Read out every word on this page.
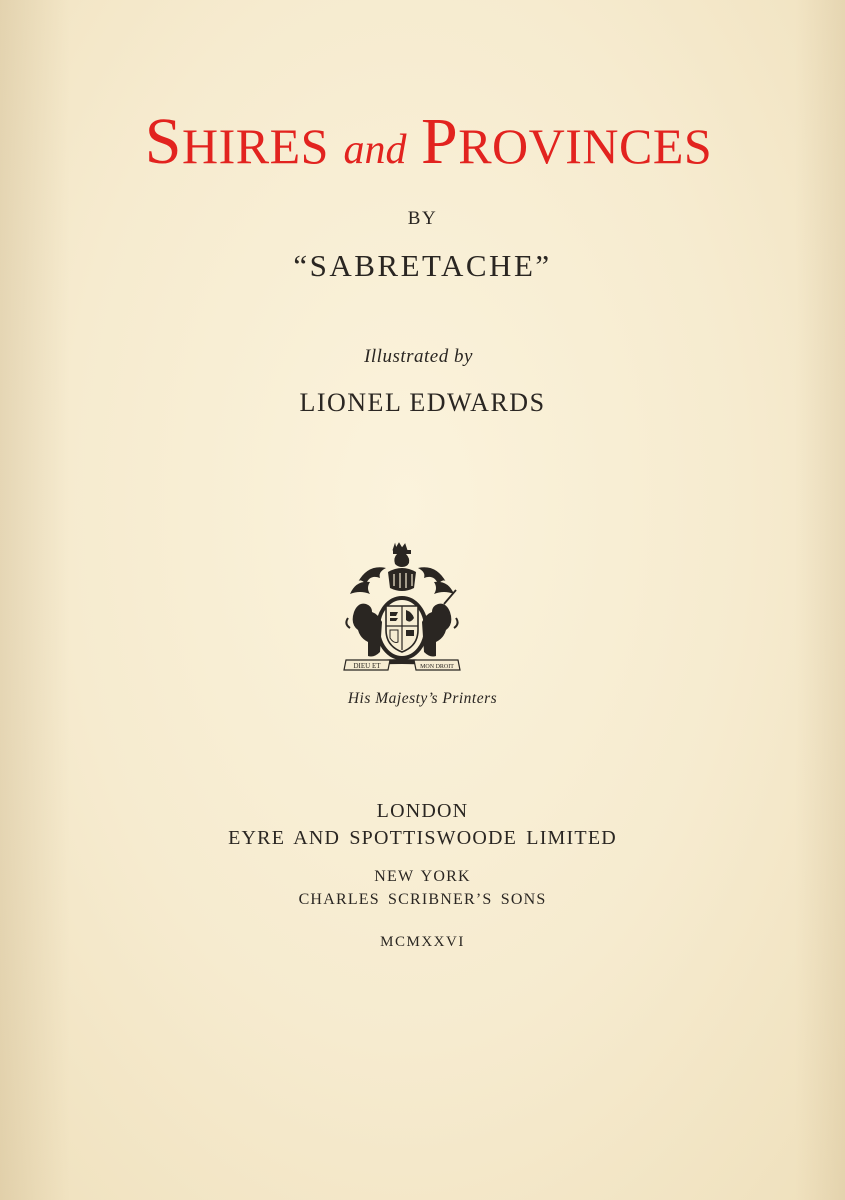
SHIRES and PROVINCES
BY
“SABRETACHE”
Illustrated by
LIONEL EDWARDS
DIEU ET	MON DROIT
His Majesty’s Printers
LONDON
EYRE AND SPOTTISWOODE LIMITED
NEW YORK
CHARLES SCRIBNER’S SONS
MCMXXVI
